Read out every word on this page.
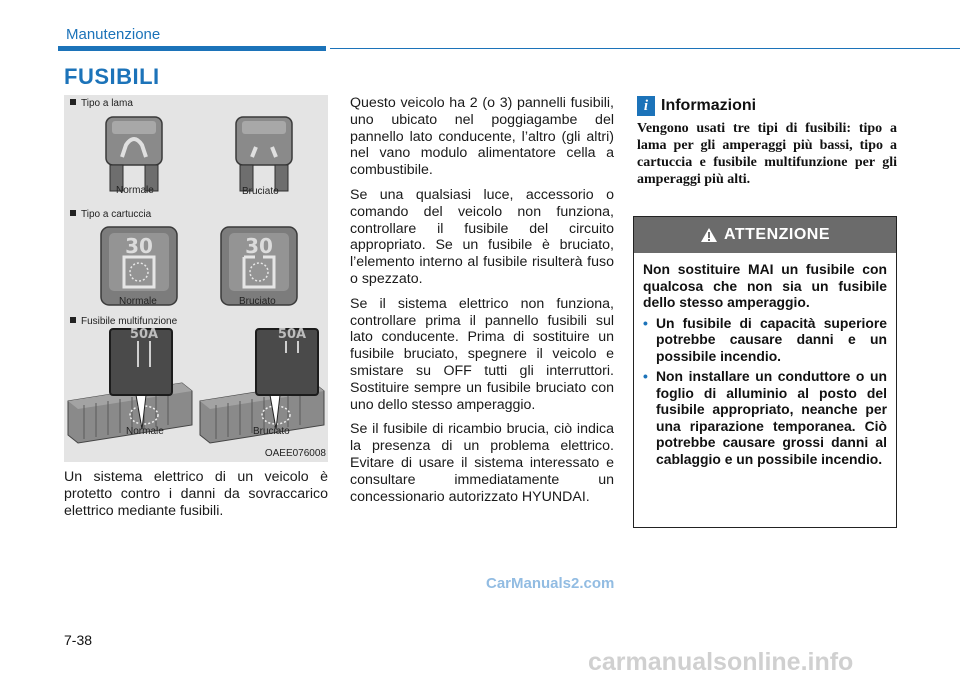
Manutenzione
FUSIBILI
Tipo a lama
Normale	Bruciato
Tipo a cartuccia
30
Normale
30
Bruciato
Fusibile multifunzione
50A
Normale
50A
Bruciato
OAEE076008

Un sistema elettrico di un veicolo è protetto contro i danni da sovraccarico elettrico mediante fusibili.

Questo veicolo ha 2 (o 3) pannelli fusibili, uno ubicato nel poggiagambe del pannello lato conducente, l’altro (gli altri) nel vano modulo alimentatore cella a combustibile.

Se una qualsiasi luce, accessorio o comando del veicolo non funziona, controllare il fusibile del circuito appropriato. Se un fusibile è bruciato, l’elemento interno al fusibile risulterà fuso o spezzato.

Se il sistema elettrico non funziona, controllare prima il pannello fusibili sul lato conducente. Prima di sostituire un fusibile bruciato, spegnere il veicolo e smistare su OFF tutti gli interruttori. Sostituire sempre un fusibile bruciato con uno dello stesso amperaggio.

Se il fusibile di ricambio brucia, ciò indica la presenza di un problema elettrico. Evitare di usare il sistema interessato e consultare immediatamente un concessionario autorizzato HYUNDAI.

i Informazioni
Vengono usati tre tipi di fusibili: tipo a lama per gli amperaggi più bassi, tipo a cartuccia e fusibile multifunzione per gli amperaggi più alti.
ATTENZIONE

Non sostituire MAI un fusibile con qualcosa che non sia un fusibile dello stesso amperaggio.

• Un fusibile di capacità superiore potrebbe causare danni e un possibile incendio.
• Non installare un conduttore o un foglio di alluminio al posto del fusibile appropriato, neanche per una riparazione temporanea. Ciò potrebbe causare grossi danni al cablaggio e un possibile incendio.
7-38
CarManuals2.com
carmanualsonline.info
